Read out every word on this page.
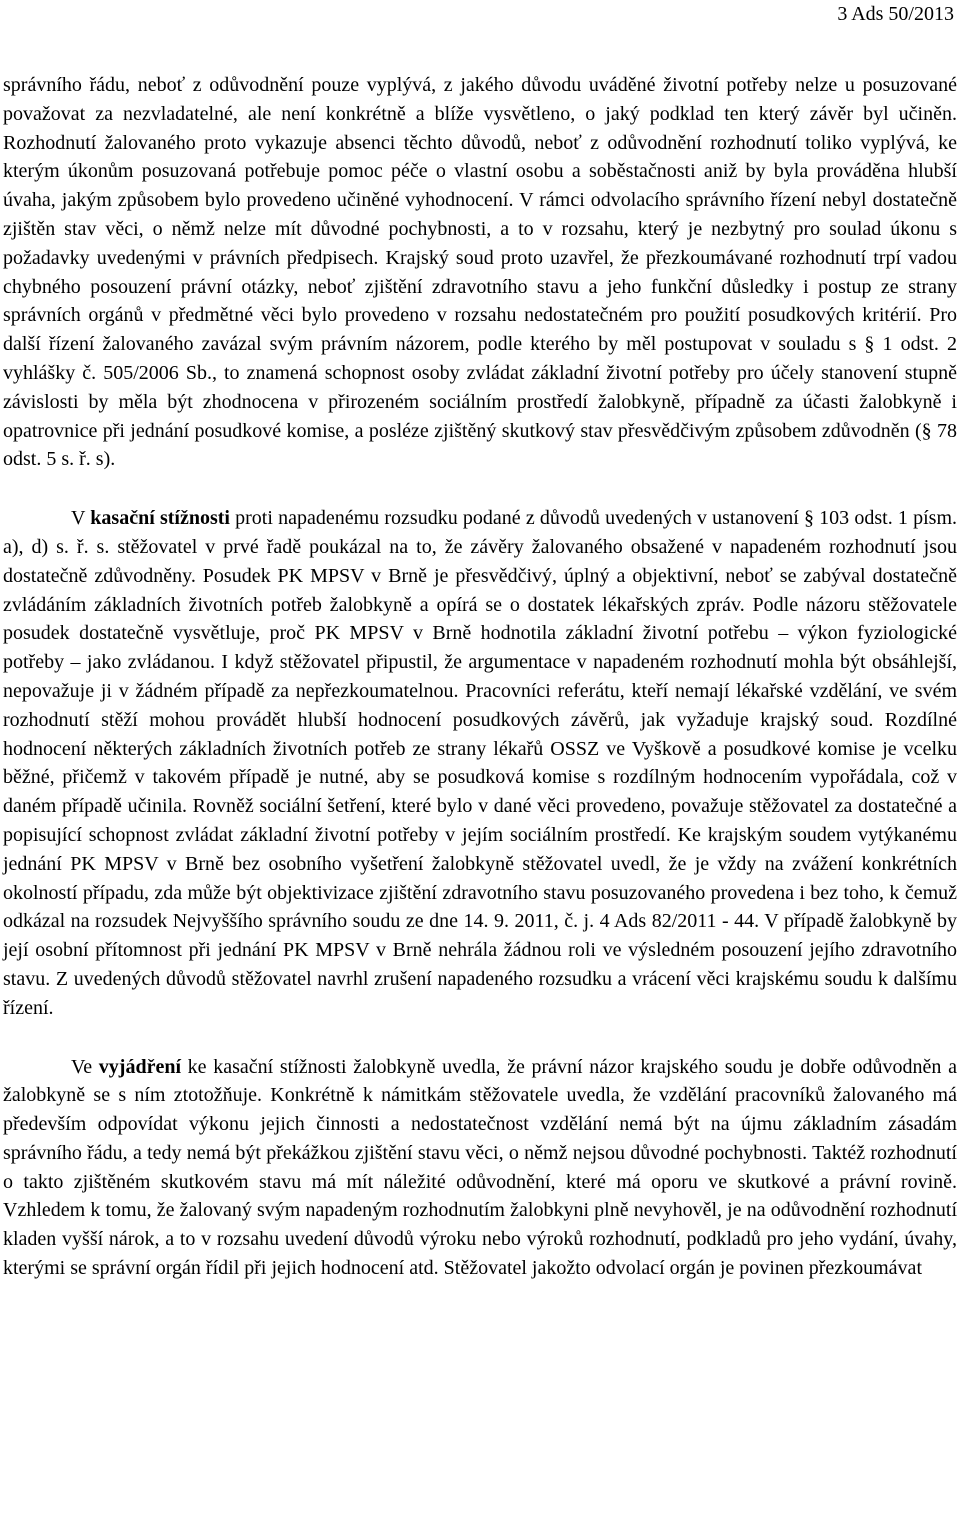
3 Ads 50/2013

správního řádu, neboť z odůvodnění pouze vyplývá, z jakého důvodu uváděné životní potřeby nelze u posuzované považovat za nezvladatelné, ale není konkrétně a blíže vysvětleno, o jaký podklad ten který závěr byl učiněn. Rozhodnutí žalovaného proto vykazuje absenci těchto důvodů, neboť z odůvodnění rozhodnutí toliko vyplývá, ke kterým úkonům posuzovaná potřebuje pomoc péče o vlastní osobu a soběstačnosti aniž by byla prováděna hlubší úvaha, jakým způsobem bylo provedeno učiněné vyhodnocení. V rámci odvolacího správního řízení nebyl dostatečně zjištěn stav věci, o němž nelze mít důvodné pochybnosti, a to v rozsahu, který je nezbytný pro soulad úkonu s požadavky uvedenými v právních předpisech. Krajský soud proto uzavřel, že přezkoumávané rozhodnutí trpí vadou chybného posouzení právní otázky, neboť zjištění zdravotního stavu a jeho funkční důsledky i postup ze strany správních orgánů v předmětné věci bylo provedeno v rozsahu nedostatečném pro použití posudkových kritérií. Pro další řízení žalovaného zavázal svým právním názorem, podle kterého by měl postupovat v souladu s § 1 odst. 2 vyhlášky č. 505/2006 Sb., to znamená schopnost osoby zvládat základní životní potřeby pro účely stanovení stupně závislosti by měla být zhodnocena v přirozeném sociálním prostředí žalobkyně, případně za účasti žalobkyně i opatrovnice při jednání posudkové komise, a posléze zjištěný skutkový stav přesvědčivým způsobem zdůvodněn (§ 78 odst. 5 s. ř. s).

V kasační stížnosti proti napadenému rozsudku podané z důvodů uvedených v ustanovení § 103 odst. 1 písm. a), d) s. ř. s. stěžovatel v prvé řadě poukázal na to, že závěry žalovaného obsažené v napadeném rozhodnutí jsou dostatečně zdůvodněny. Posudek PK MPSV v Brně je přesvědčivý, úplný a objektivní, neboť se zabýval dostatečně zvládáním základních životních potřeb žalobkyně a opírá se o dostatek lékařských zpráv. Podle názoru stěžovatele posudek dostatečně vysvětluje, proč PK MPSV v Brně hodnotila základní životní potřebu – výkon fyziologické potřeby – jako zvládanou. I když stěžovatel připustil, že argumentace v napadeném rozhodnutí mohla být obsáhlejší, nepovažuje ji v žádném případě za nepřezkoumatelnou. Pracovníci referátu, kteří nemají lékařské vzdělání, ve svém rozhodnutí stěží mohou provádět hlubší hodnocení posudkových závěrů, jak vyžaduje krajský soud. Rozdílné hodnocení některých základních životních potřeb ze strany lékařů OSSZ ve Vyškově a posudkové komise je vcelku běžné, přičemž v takovém případě je nutné, aby se posudková komise s rozdílným hodnocením vypořádala, což v daném případě učinila. Rovněž sociální šetření, které bylo v dané věci provedeno, považuje stěžovatel za dostatečné a popisující schopnost zvládat základní životní potřeby v jejím sociálním prostředí. Ke krajským soudem vytýkanému jednání PK MPSV v Brně bez osobního vyšetření žalobkyně stěžovatel uvedl, že je vždy na zvážení konkrétních okolností případu, zda může být objektivizace zjištění zdravotního stavu posuzovaného provedena i bez toho, k čemuž odkázal na rozsudek Nejvyššího správního soudu ze dne 14. 9. 2011, č. j. 4 Ads 82/2011 - 44. V případě žalobkyně by její osobní přítomnost při jednání PK MPSV v Brně nehrála žádnou roli ve výsledném posouzení jejího zdravotního stavu. Z uvedených důvodů stěžovatel navrhl zrušení napadeného rozsudku a vrácení věci krajskému soudu k dalšímu řízení.

Ve vyjádření ke kasační stížnosti žalobkyně uvedla, že právní názor krajského soudu je dobře odůvodněn a žalobkyně se s ním ztotožňuje. Konkrétně k námitkám stěžovatele uvedla, že vzdělání pracovníků žalovaného má především odpovídat výkonu jejich činnosti a nedostatečnost vzdělání nemá být na újmu základním zásadám správního řádu, a tedy nemá být překážkou zjištění stavu věci, o němž nejsou důvodné pochybnosti. Taktéž rozhodnutí o takto zjištěném skutkovém stavu má mít náležité odůvodnění, které má oporu ve skutkové a právní rovině. Vzhledem k tomu, že žalovaný svým napadeným rozhodnutím žalobkyni plně nevyhověl, je na odůvodnění rozhodnutí kladen vyšší nárok, a to v rozsahu uvedení důvodů výroku nebo výroků rozhodnutí, podkladů pro jeho vydání, úvahy, kterými se správní orgán řídil při jejich hodnocení atd. Stěžovatel jakožto odvolací orgán je povinen přezkoumávat
